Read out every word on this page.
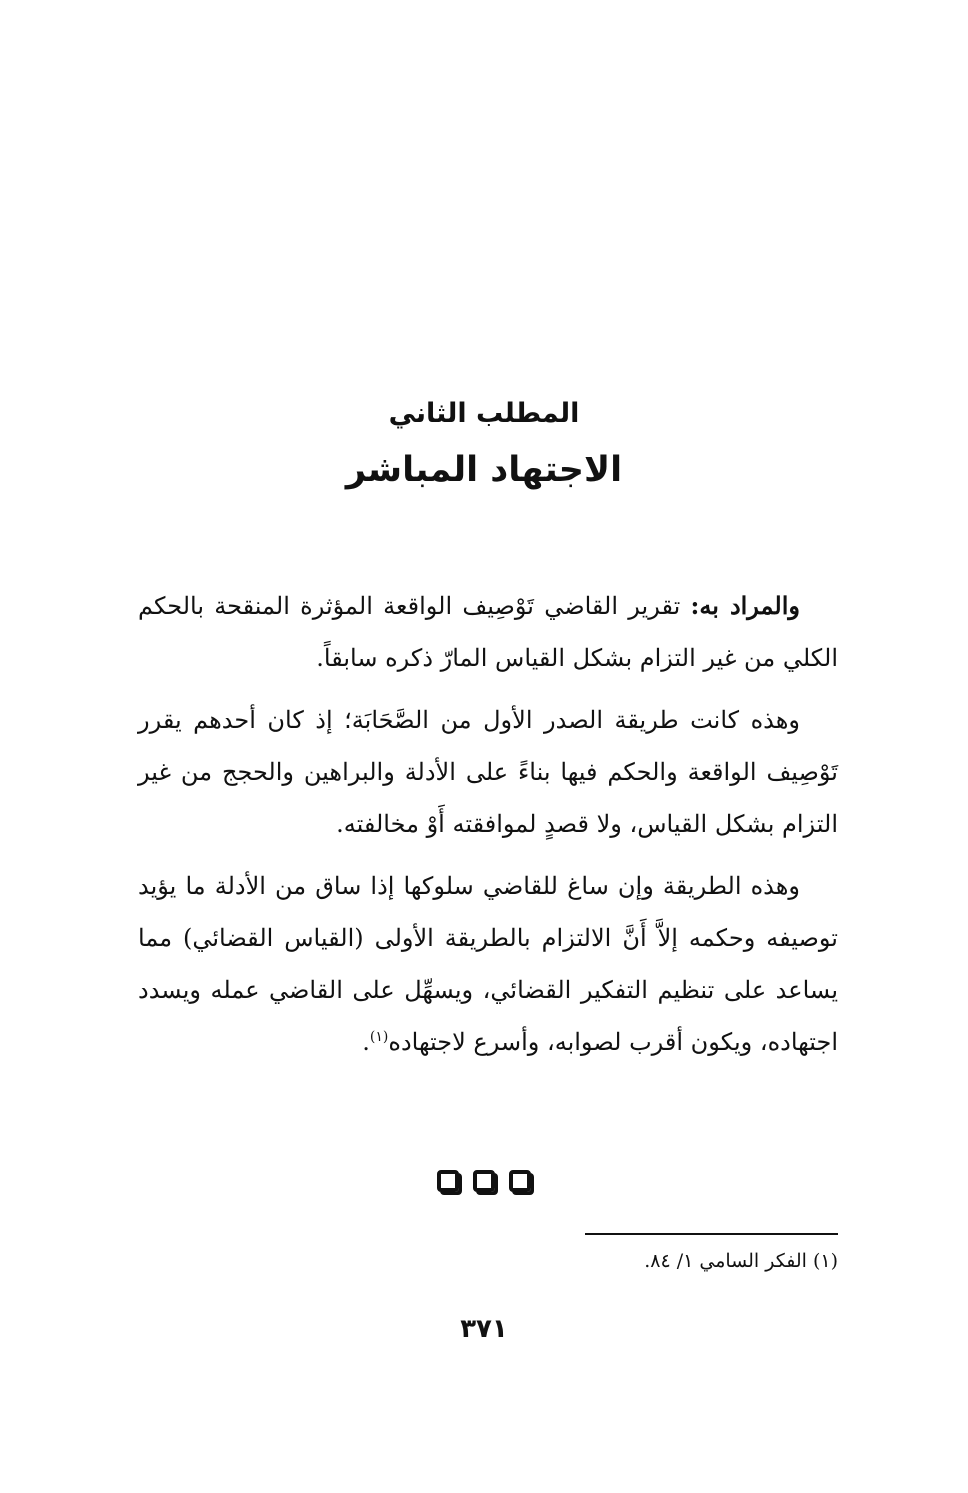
المطلب الثاني
الاجتهاد المباشر

والمراد به: تقرير القاضي تَوْصِيف الواقعة المؤثرة المنقحة بالحكم الكلي من غير التزام بشكل القياس المارّ ذكره سابقاً.

وهذه كانت طريقة الصدر الأول من الصَّحَابَة؛ إذ كان أحدهم يقرر تَوْصِيف الواقعة والحكم فيها بناءً على الأدلة والبراهين والحجج من غير التزام بشكل القياس، ولا قصدٍ لموافقته أَوْ مخالفته.

وهذه الطريقة وإن ساغ للقاضي سلوكها إذا ساق من الأدلة ما يؤيد توصيفه وحكمه إلاَّ أَنَّ الالتزام بالطريقة الأولى (القياس القضائي) مما يساعد على تنظيم التفكير القضائي، ويسهِّل على القاضي عمله ويسدد اجتهاده، ويكون أقرب لصوابه، وأسرع لاجتهاده$^{(١)}$.

(١) الفكر السامي ١/ ٨٤.
٣٧١
